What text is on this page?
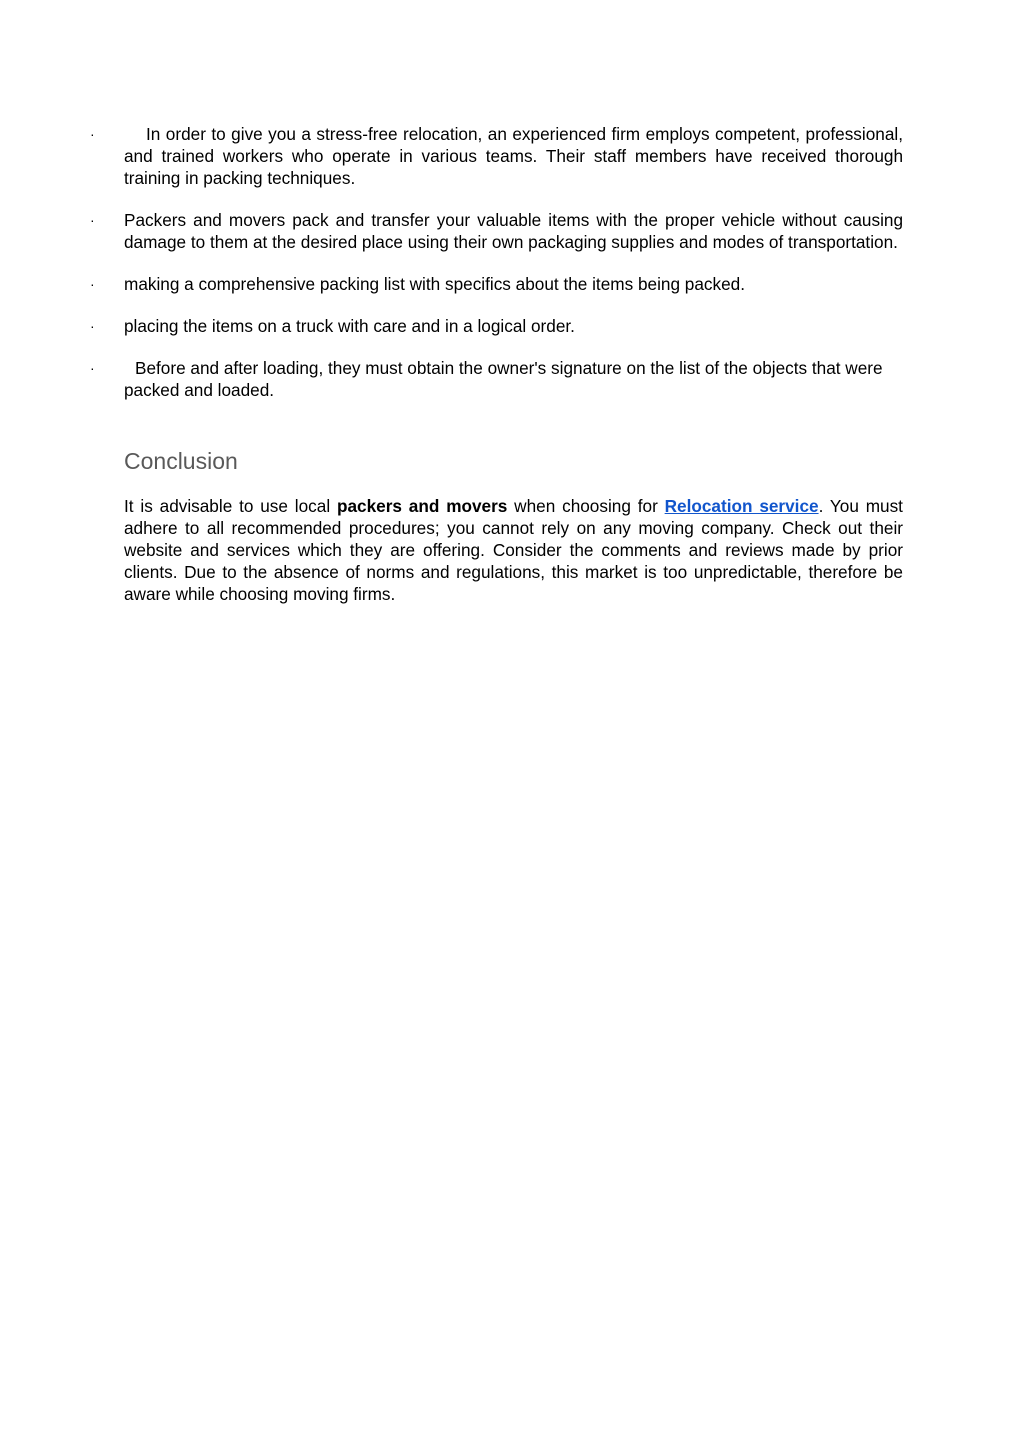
·	In order to give you a stress-free relocation, an experienced firm employs competent, professional, and trained workers who operate in various teams. Their staff members have received thorough training in packing techniques.
· Packers and movers pack and transfer your valuable items with the proper vehicle without causing damage to them at the desired place using their own packaging supplies and modes of transportation.
· making a comprehensive packing list with specifics about the items being packed.
· placing the items on a truck with care and in a logical order.
·	Before and after loading, they must obtain the owner's signature on the list of the objects that were packed and loaded.
Conclusion

It is advisable to use local packers and movers when choosing for Relocation service. You must adhere to all recommended procedures; you cannot rely on any moving company. Check out their website and services which they are offering. Consider the comments and reviews made by prior clients. Due to the absence of norms and regulations, this market is too unpredictable, therefore be aware while choosing moving firms.
